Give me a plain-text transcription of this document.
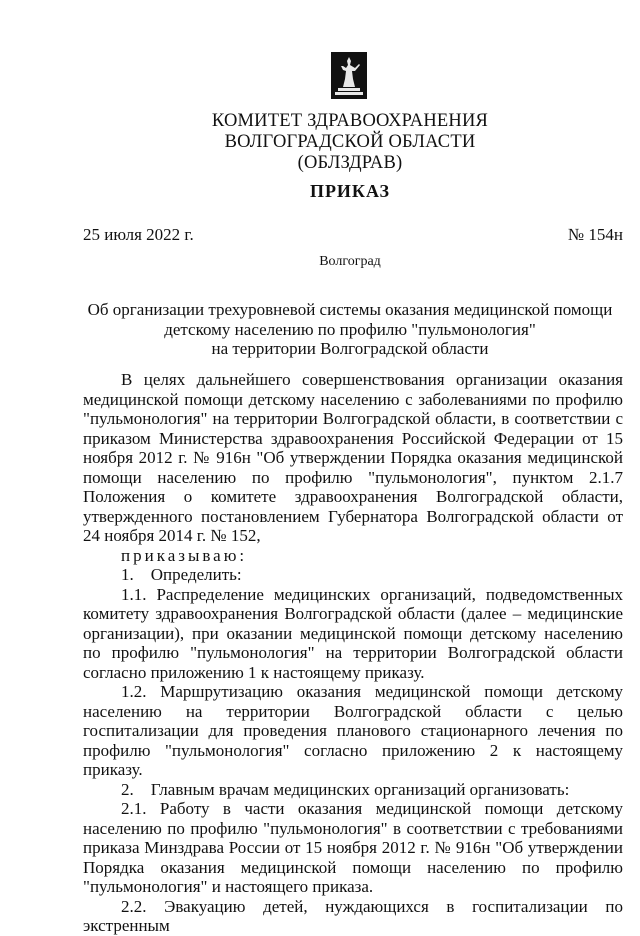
КОМИТЕТ ЗДРАВООХРАНЕНИЯ
ВОЛГОГРАДСКОЙ ОБЛАСТИ
(ОБЛЗДРАВ)
ПРИКАЗ
25 июля 2022 г.	№ 154н
Волгоград
Об организации трехуровневой системы оказания медицинской помощи
детскому населению по профилю "пульмонология"
на территории Волгоградской области

В целях дальнейшего совершенствования организации оказания медицинской помощи детскому населению с заболеваниями по профилю "пульмонология" на территории Волгоградской области, в соответствии с приказом Министерства здравоохранения Российской Федерации от 15 ноября 2012 г. № 916н "Об утверждении Порядка оказания медицинской помощи населению по профилю "пульмонология", пунктом 2.1.7 Положения о комитете здравоохранения Волгоградской области, утвержденного постановлением Губернатора Волгоградской области от 24 ноября 2014 г. № 152,

приказываю:

1.    Определить:

1.1. Распределение медицинских организаций, подведомственных комитету здравоохранения Волгоградской области (далее – медицинские организации), при оказании медицинской помощи детскому населению по профилю "пульмонология" на территории Волгоградской области согласно приложению 1 к настоящему приказу.

1.2. Маршрутизацию оказания медицинской помощи детскому населению на территории Волгоградской области с целью госпитализации для проведения планового стационарного лечения по профилю "пульмонология" согласно приложению 2 к настоящему приказу.

2.    Главным врачам медицинских организаций организовать:

2.1. Работу в части оказания медицинской помощи детскому населению по профилю "пульмонология" в соответствии с требованиями приказа Минздрава России от 15 ноября 2012 г. № 916н "Об утверждении Порядка оказания медицинской помощи населению по профилю "пульмонология" и настоящего приказа.

2.2. Эвакуацию детей, нуждающихся в госпитализации по экстренным
